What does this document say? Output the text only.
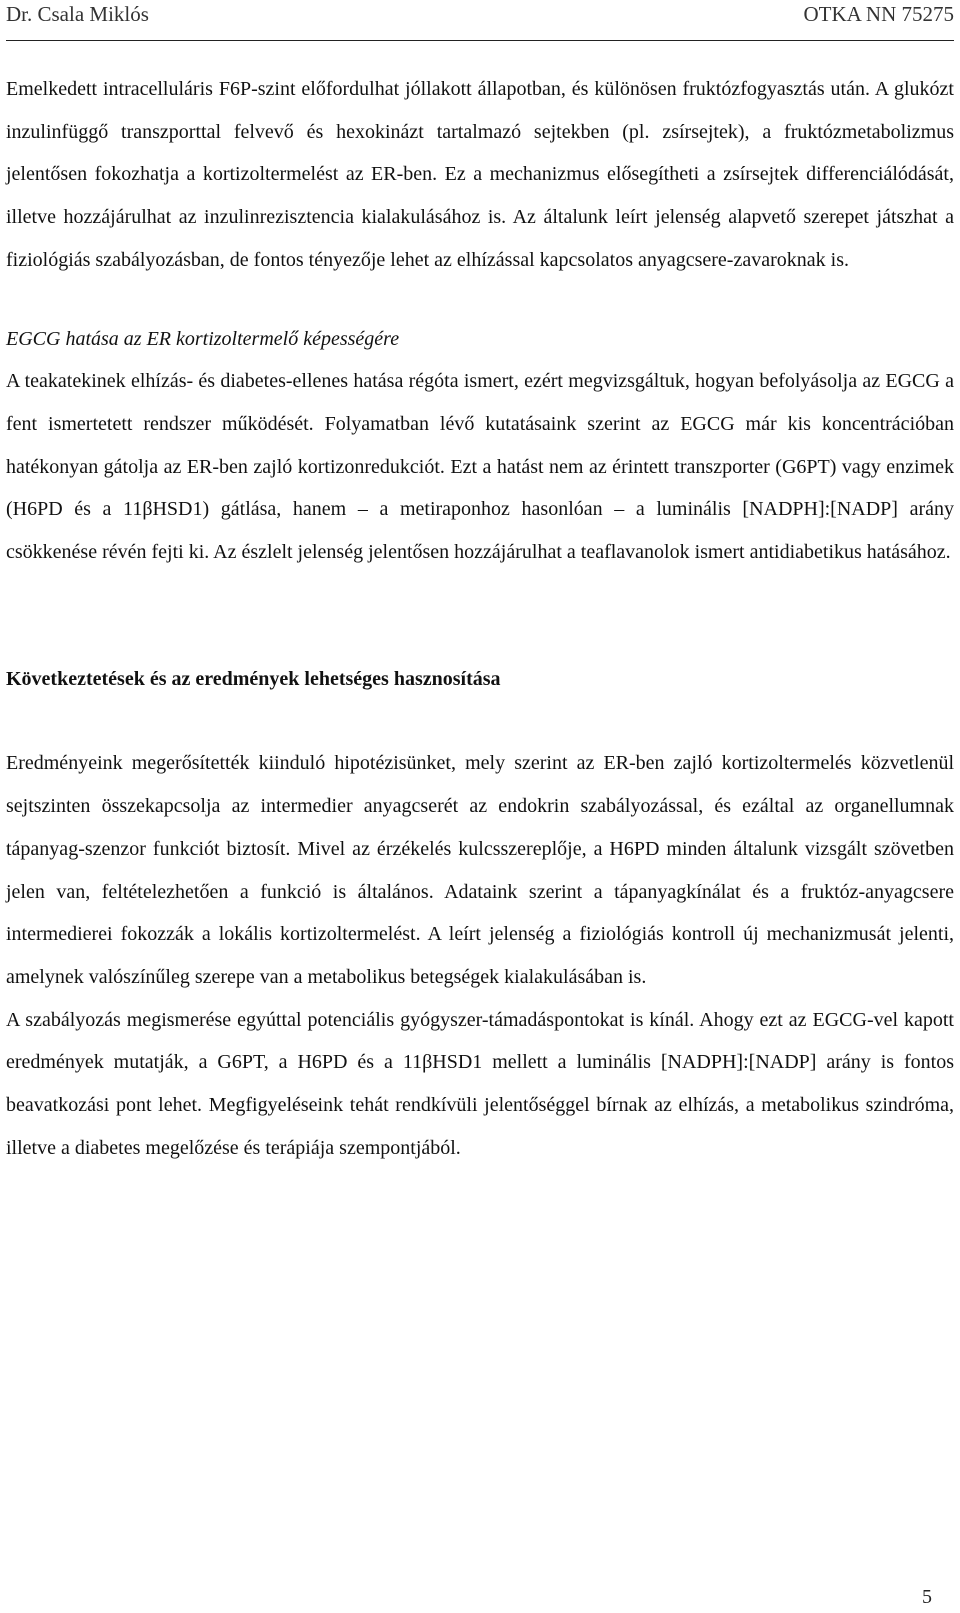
Dr. Csala Miklós	OTKA NN 75275

Emelkedett intracelluláris F6P-szint előfordulhat jóllakott állapotban, és különösen fruktózfogyasztás után. A glukózt inzulinfüggő transzporttal felvevő és hexokinázt tartalmazó sejtekben (pl. zsírsejtek), a fruktózmetabolizmus jelentősen fokozhatja a kortizoltermelést az ER-ben. Ez a mechanizmus elősegítheti a zsírsejtek differenciálódását, illetve hozzájárulhat az inzulinrezisztencia kialakulásához is. Az általunk leírt jelenség alapvető szerepet játszhat a fiziológiás szabályozásban, de fontos tényezője lehet az elhízással kapcsolatos anyagcsere-zavaroknak is.

EGCG hatása az ER kortizoltermelő képességére

A teakatekinek elhízás- és diabetes-ellenes hatása régóta ismert, ezért megvizsgáltuk, hogyan befolyásolja az EGCG a fent ismertetett rendszer működését. Folyamatban lévő kutatásaink szerint az EGCG már kis koncentrációban hatékonyan gátolja az ER-ben zajló kortizonredukciót. Ezt a hatást nem az érintett transzporter (G6PT) vagy enzimek (H6PD és a 11βHSD1) gátlása, hanem – a metiraponhoz hasonlóan – a luminális [NADPH]:[NADP] arány csökkenése révén fejti ki. Az észlelt jelenség jelentősen hozzájárulhat a teaflavanolok ismert antidiabetikus hatásához.

Következtetések és az eredmények lehetséges hasznosítása

Eredményeink megerősítették kiinduló hipotézisünket, mely szerint az ER-ben zajló kortizoltermelés közvetlenül sejtszinten összekapcsolja az intermedier anyagcserét az endokrin szabályozással, és ezáltal az organellumnak tápanyag-szenzor funkciót biztosít. Mivel az érzékelés kulcsszereplője, a H6PD minden általunk vizsgált szövetben jelen van, feltételezhetően a funkció is általános. Adataink szerint a tápanyagkínálat és a fruktóz-anyagcsere intermedierei fokozzák a lokális kortizoltermelést. A leírt jelenség a fiziológiás kontroll új mechanizmusát jelenti, amelynek valószínűleg szerepe van a metabolikus betegségek kialakulásában is.

A szabályozás megismerése egyúttal potenciális gyógyszer-támadáspontokat is kínál. Ahogy ezt az EGCG-vel kapott eredmények mutatják, a G6PT, a H6PD és a 11βHSD1 mellett a luminális [NADPH]:[NADP] arány is fontos beavatkozási pont lehet. Megfigyeléseink tehát rendkívüli jelentőséggel bírnak az elhízás, a metabolikus szindróma, illetve a diabetes megelőzése és terápiája szempontjából.

5
